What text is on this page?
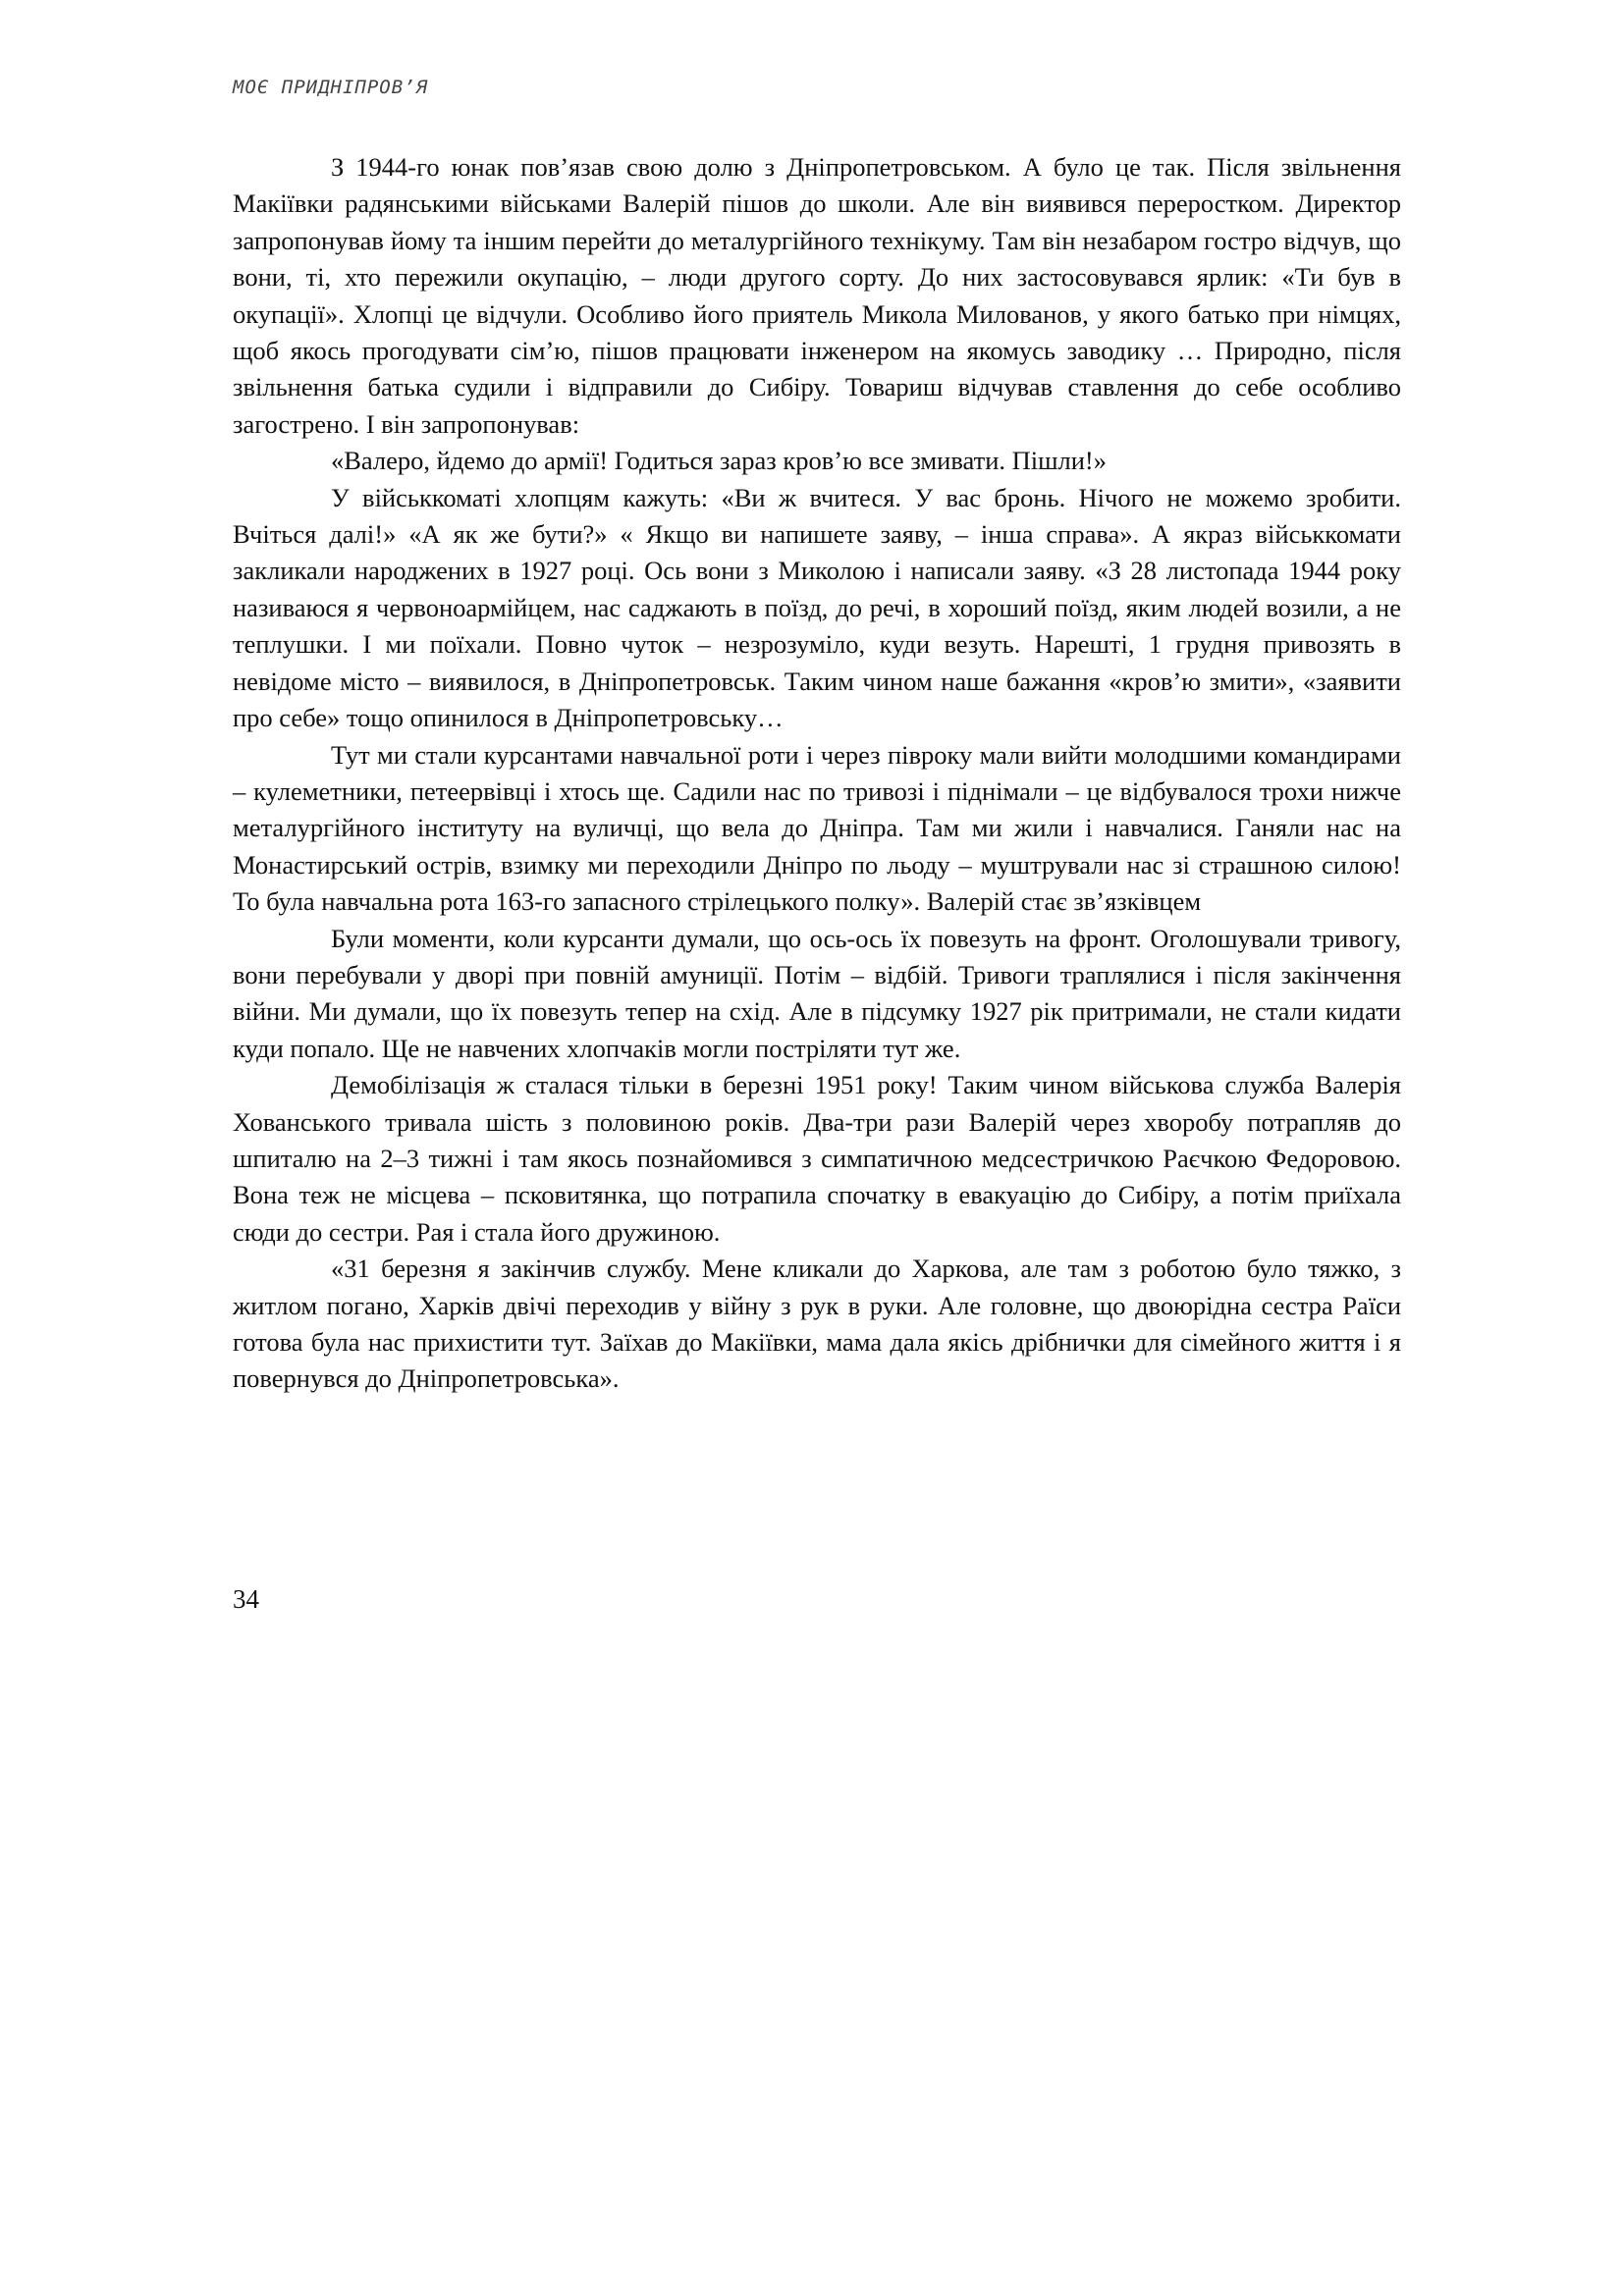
МОЄ ПРИДНІПРОВ’Я

З 1944-го юнак пов’язав свою долю з Дніпропетровськом. А було це так. Після звільнення Макіївки радянськими військами Валерій пішов до школи. Але він виявився переростком. Директор запропонував йому та іншим перейти до металургійного технікуму. Там він незабаром гостро відчув, що вони, ті, хто пережили окупацію, – люди другого сорту. До них застосовувався ярлик: «Ти був в окупації». Хлопці це відчули. Особливо його приятель Микола Милованов, у якого батько при німцях, щоб якось прогодувати сім’ю, пішов працювати інженером на якомусь заводику … Природно, після звільнення батька судили і відправили до Сибіру. Товариш відчував ставлення до себе особливо загострено. І він запропонував:

«Валеро, йдемо до армії! Годиться зараз кров’ю все змивати. Пішли!»

У військкоматі хлопцям кажуть: «Ви ж вчитеся. У вас бронь. Нічого не можемо зробити. Вчіться далі!» «А як же бути?» « Якщо ви напишете заяву, – інша справа». А якраз військкомати закликали народжених в 1927 році. Ось вони з Миколою і написали заяву. «З 28 листопада 1944 року називаюся я червоноармійцем, нас саджають в поїзд, до речі, в хороший поїзд, яким людей возили, а не теплушки. І ми поїхали. Повно чуток – незрозуміло, куди везуть. Нарешті, 1 грудня привозять в невідоме місто – виявилося, в Дніпропетровськ. Таким чином наше бажання «кров’ю змити», «заявити про себе» тощо опинилося в Дніпропетровську…

Тут ми стали курсантами навчальної роти і через півроку мали вийти молодшими командирами – кулеметники, петеервівці і хтось ще. Садили нас по тривозі і піднімали – це відбувалося трохи нижче металургійного інституту на вуличці, що вела до Дніпра. Там ми жили і навчалися. Ганяли нас на Монастирський острів, взимку ми переходили Дніпро по льоду – муштрували нас зі страшною силою! То була навчальна рота 163-го запасного стрілецького полку». Валерій стає зв’язківцем

Були моменти, коли курсанти думали, що ось-ось їх повезуть на фронт. Оголошували тривогу, вони перебували у дворі при повній амуниції. Потім – відбій. Тривоги траплялися і після закінчення війни. Ми думали, що їх повезуть тепер на схід. Але в підсумку 1927 рік притримали, не стали кидати куди попало. Ще не навчених хлопчаків могли постріляти тут же.

Демобілізація ж сталася тільки в березні 1951 року! Таким чином військова служба Валерія Хованського тривала шість з половиною років. Два-три рази Валерій через хворобу потрапляв до шпиталю на 2–3 тижні і там якось познайомився з симпатичною медсестричкою Раєчкою Федоровою. Вона теж не місцева – псковитянка, що потрапила спочатку в евакуацію до Сибіру, а потім приїхала сюди до сестри. Рая і стала його дружиною.

«31 березня я закінчив службу. Мене кликали до Харкова, але там з роботою було тяжко, з житлом погано, Харків двічі переходив у війну з рук в руки. Але головне, що двоюрідна сестра Раїси готова була нас прихистити тут. Заїхав до Макіївки, мама дала якісь дрібнички для сімейного життя і я повернувся до Дніпропетровська».

34
